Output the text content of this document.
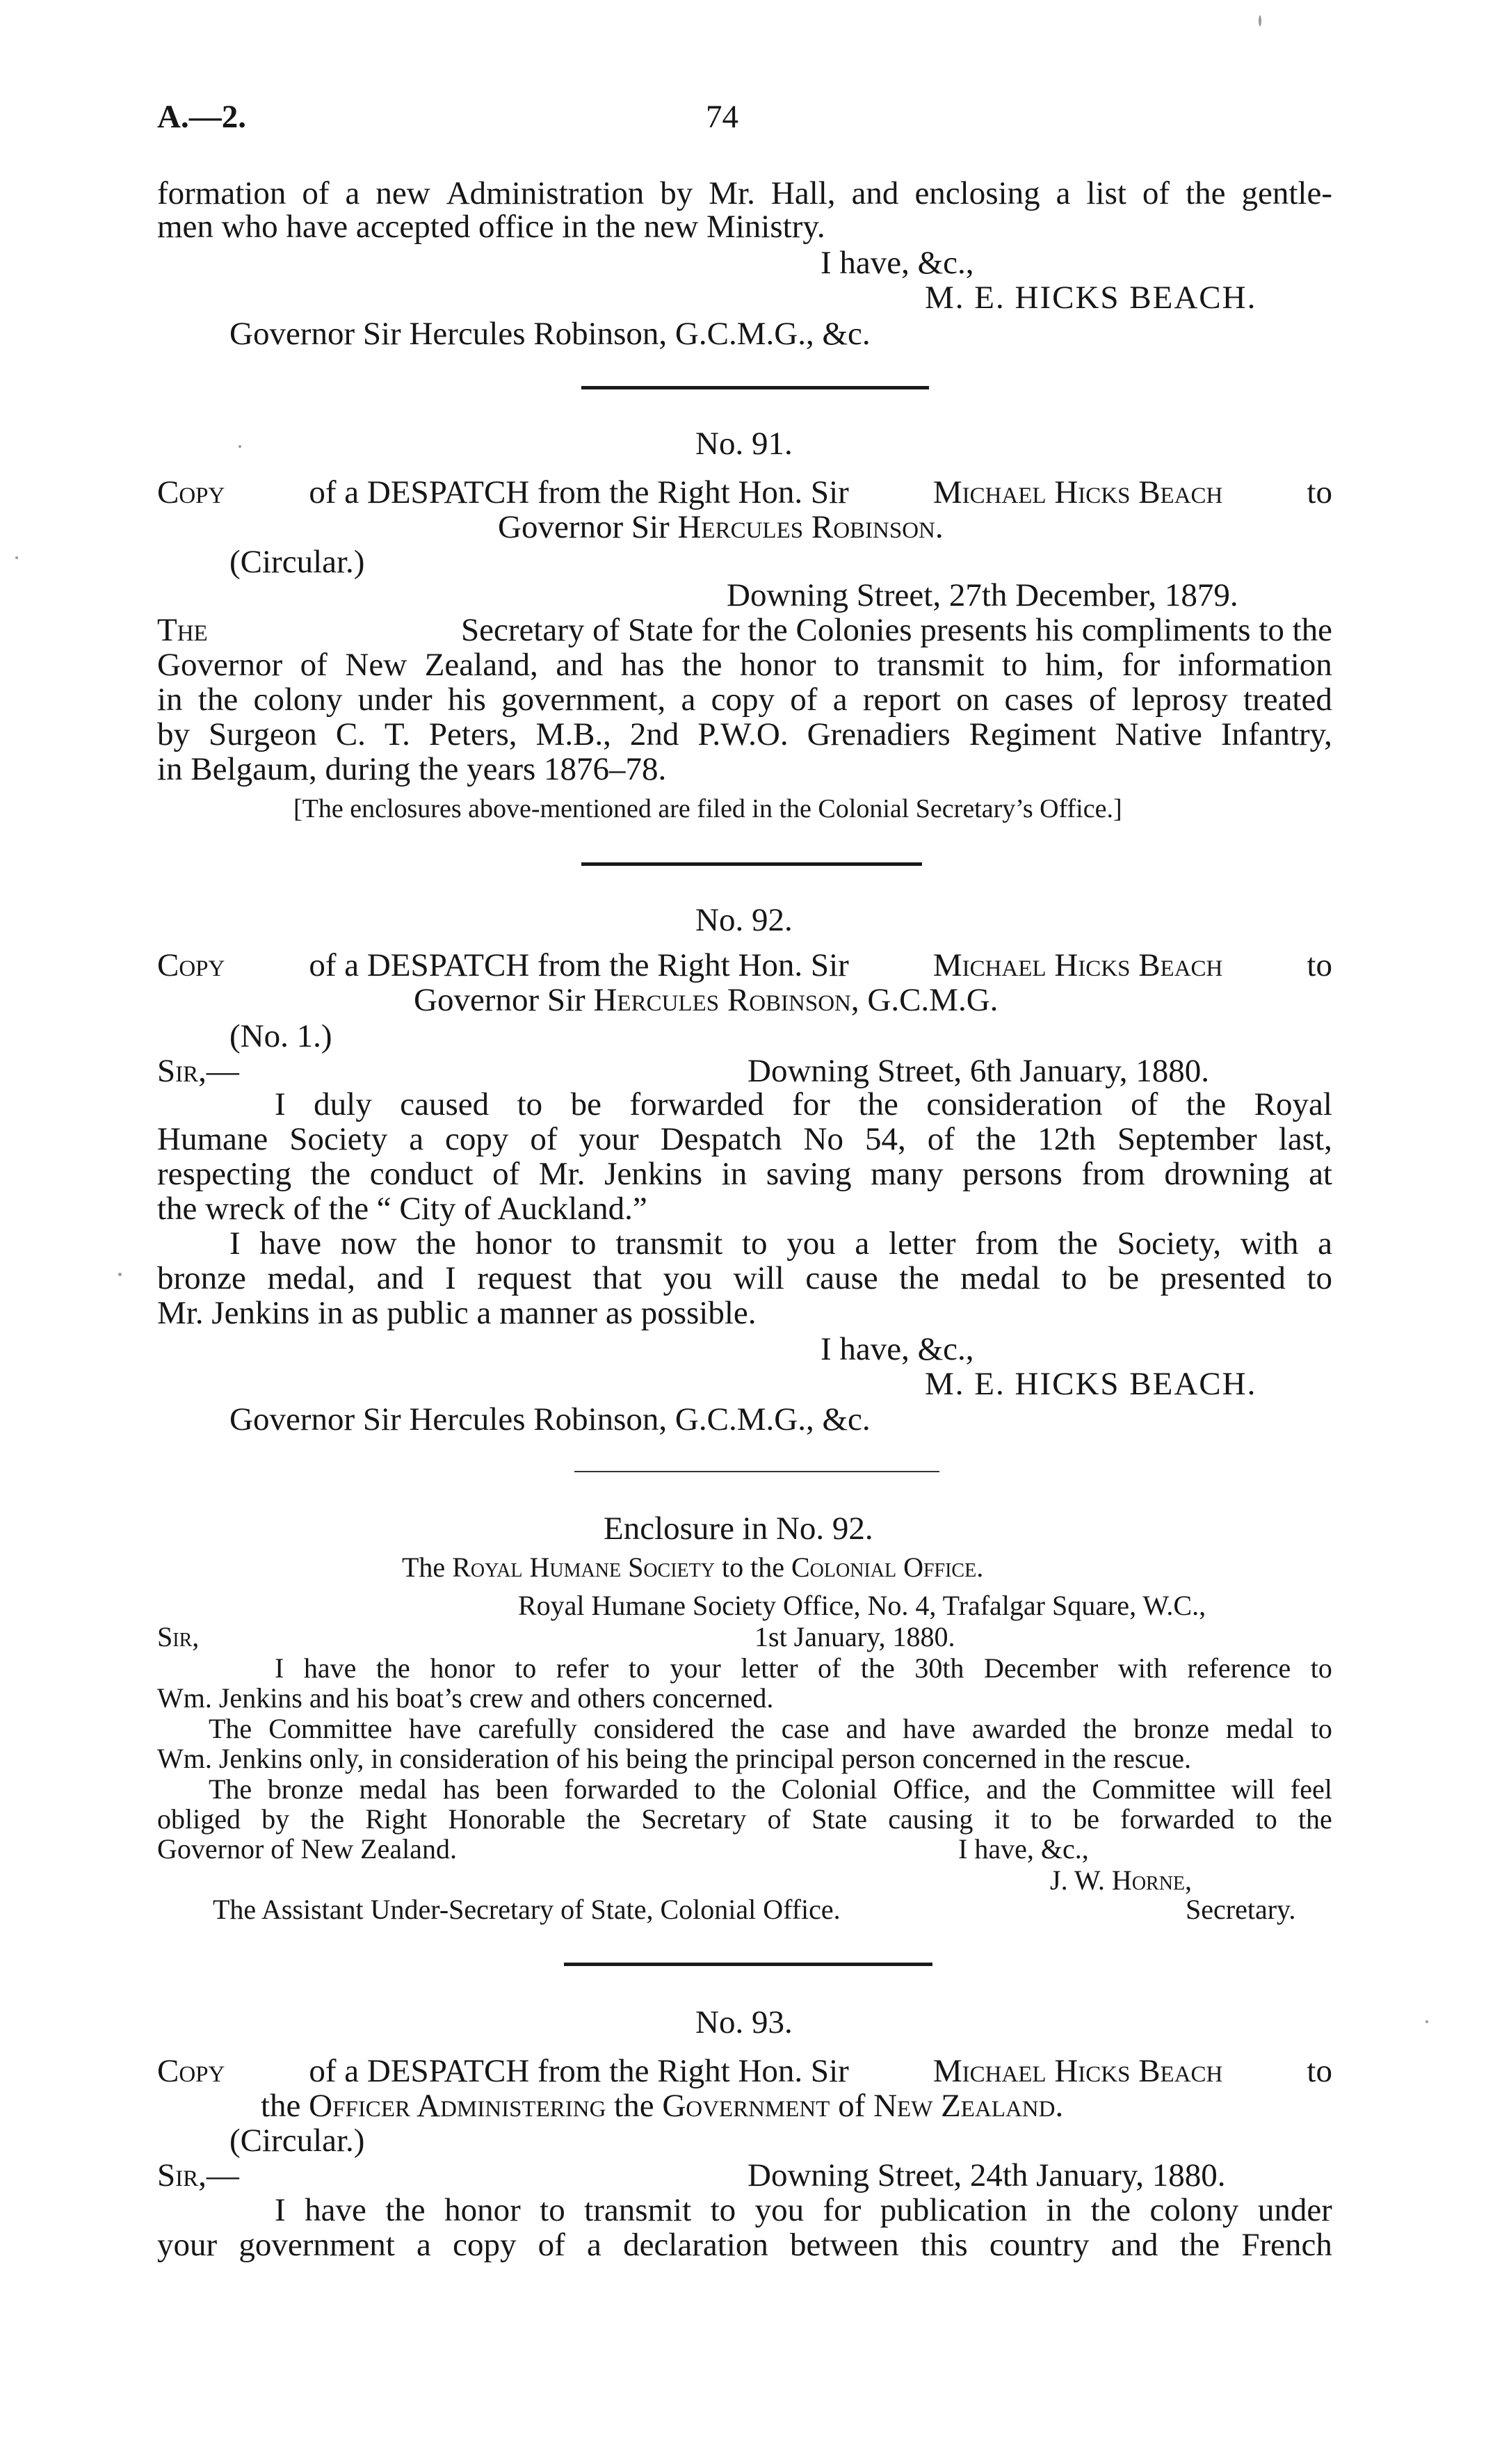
A.—2.	74
formation of a new Administration by Mr. Hall, and enclosing a list of the gentle-
men who have accepted office in the new Ministry.
I have, &c.,
M. E. HICKS BEACH.
Governor Sir Hercules Robinson, G.C.M.G., &c.
No. 91.
Copy	of a DESPATCH from the Right Hon. Sir	Michael Hicks Beach	to
Governor Sir Hercules Robinson.
(Circular.)
Downing Street, 27th December, 1879.
The	Secretary of State for the Colonies presents his compliments to the
Governor of New Zealand, and has the honor to transmit to him, for information
in the colony under his government, a copy of a report on cases of leprosy treated
by Surgeon C. T. Peters, M.B., 2nd P.W.O. Grenadiers Regiment Native Infantry,
in Belgaum, during the years 1876–78.
[The enclosures above-mentioned are filed in the Colonial Secretary’s Office.]
No. 92.
Copy	of a DESPATCH from the Right Hon. Sir	Michael Hicks Beach	to
Governor Sir Hercules Robinson, G.C.M.G.
(No. 1.)
Sir,—	Downing Street, 6th January, 1880.
I duly caused to be forwarded for the consideration of the Royal
Humane Society a copy of your Despatch No 54, of the 12th September last,
respecting the conduct of Mr. Jenkins in saving many persons from drowning at
the wreck of the “ City of Auckland.”
I have now the honor to transmit to you a letter from the Society, with a
bronze medal, and I request that you will cause the medal to be presented to
Mr. Jenkins in as public a manner as possible.
I have, &c.,
M. E. HICKS BEACH.
Governor Sir Hercules Robinson, G.C.M.G., &c.
Enclosure in No. 92.
The Royal Humane Society to the Colonial Office.
Royal Humane Society Office, No. 4, Trafalgar Square, W.C.,
Sir,	1st January, 1880.
I have the honor to refer to your letter of the 30th December with reference to
Wm. Jenkins and his boat’s crew and others concerned.
The Committee have carefully considered the case and have awarded the bronze medal to
Wm. Jenkins only, in consideration of his being the principal person concerned in the rescue.
The bronze medal has been forwarded to the Colonial Office, and the Committee will feel
obliged by the Right Honorable the Secretary of State causing it to be forwarded to the
Governor of New Zealand.	I have, &c.,
J. W. Horne,
The Assistant Under-Secretary of State, Colonial Office.	Secretary.
No. 93.
Copy	of a DESPATCH from the Right Hon. Sir	Michael Hicks Beach	to
the Officer Administering the Government of New Zealand.
(Circular.)
Sir,—	Downing Street, 24th January, 1880.
I have the honor to transmit to you for publication in the colony under
your government a copy of a declaration between this country and the French
